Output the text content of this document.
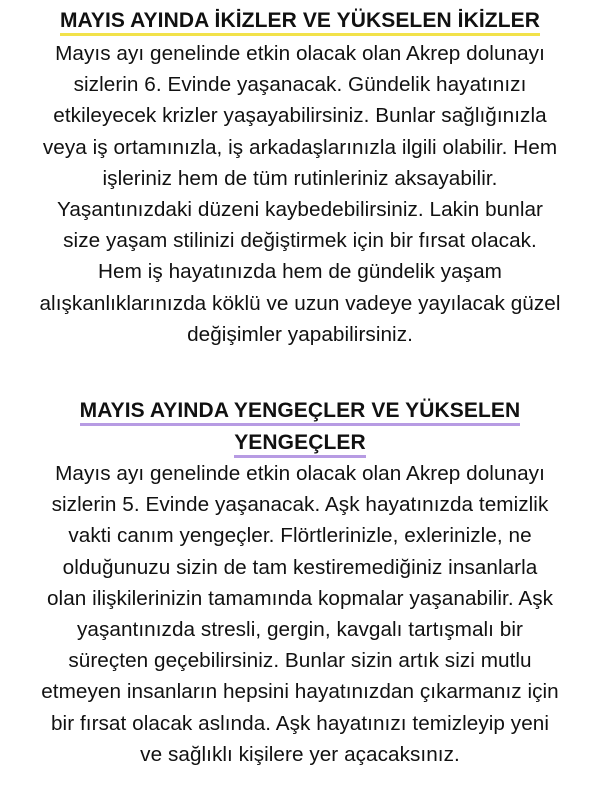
MAYIS AYINDA İKİZLER VE YÜKSELEN İKİZLER
Mayıs ayı genelinde etkin olacak olan Akrep dolunayı
sizlerin 6. Evinde yaşanacak. Gündelik hayatınızı
etkileyecek krizler yaşayabilirsiniz. Bunlar sağlığınızla
veya iş ortamınızla, iş arkadaşlarınızla ilgili olabilir. Hem
işleriniz hem de tüm rutinleriniz aksayabilir.
Yaşantınızdaki düzeni kaybedebilirsiniz. Lakin bunlar
size yaşam stilinizi değiştirmek için bir fırsat olacak.
Hem iş hayatınızda hem de gündelik yaşam
alışkanlıklarınızda köklü ve uzun vadeye yayılacak güzel
değişimler yapabilirsiniz.
MAYIS AYINDA YENGEÇLER VE YÜKSELEN
YENGEÇLER
Mayıs ayı genelinde etkin olacak olan Akrep dolunayı
sizlerin 5. Evinde yaşanacak. Aşk hayatınızda temizlik
vakti canım yengeçler. Flörtlerinizle, exlerinizle, ne
olduğunuzu sizin de tam kestiremediğiniz insanlarla
olan ilişkilerinizin tamamında kopmalar yaşanabilir. Aşk
yaşantınızda stresli, gergin, kavgalı tartışmalı bir
süreçten geçebilirsiniz. Bunlar sizin artık sizi mutlu
etmeyen insanların hepsini hayatınızdan çıkarmanız için
bir fırsat olacak aslında. Aşk hayatınızı temizleyip yeni
ve sağlıklı kişilere yer açacaksınız.
